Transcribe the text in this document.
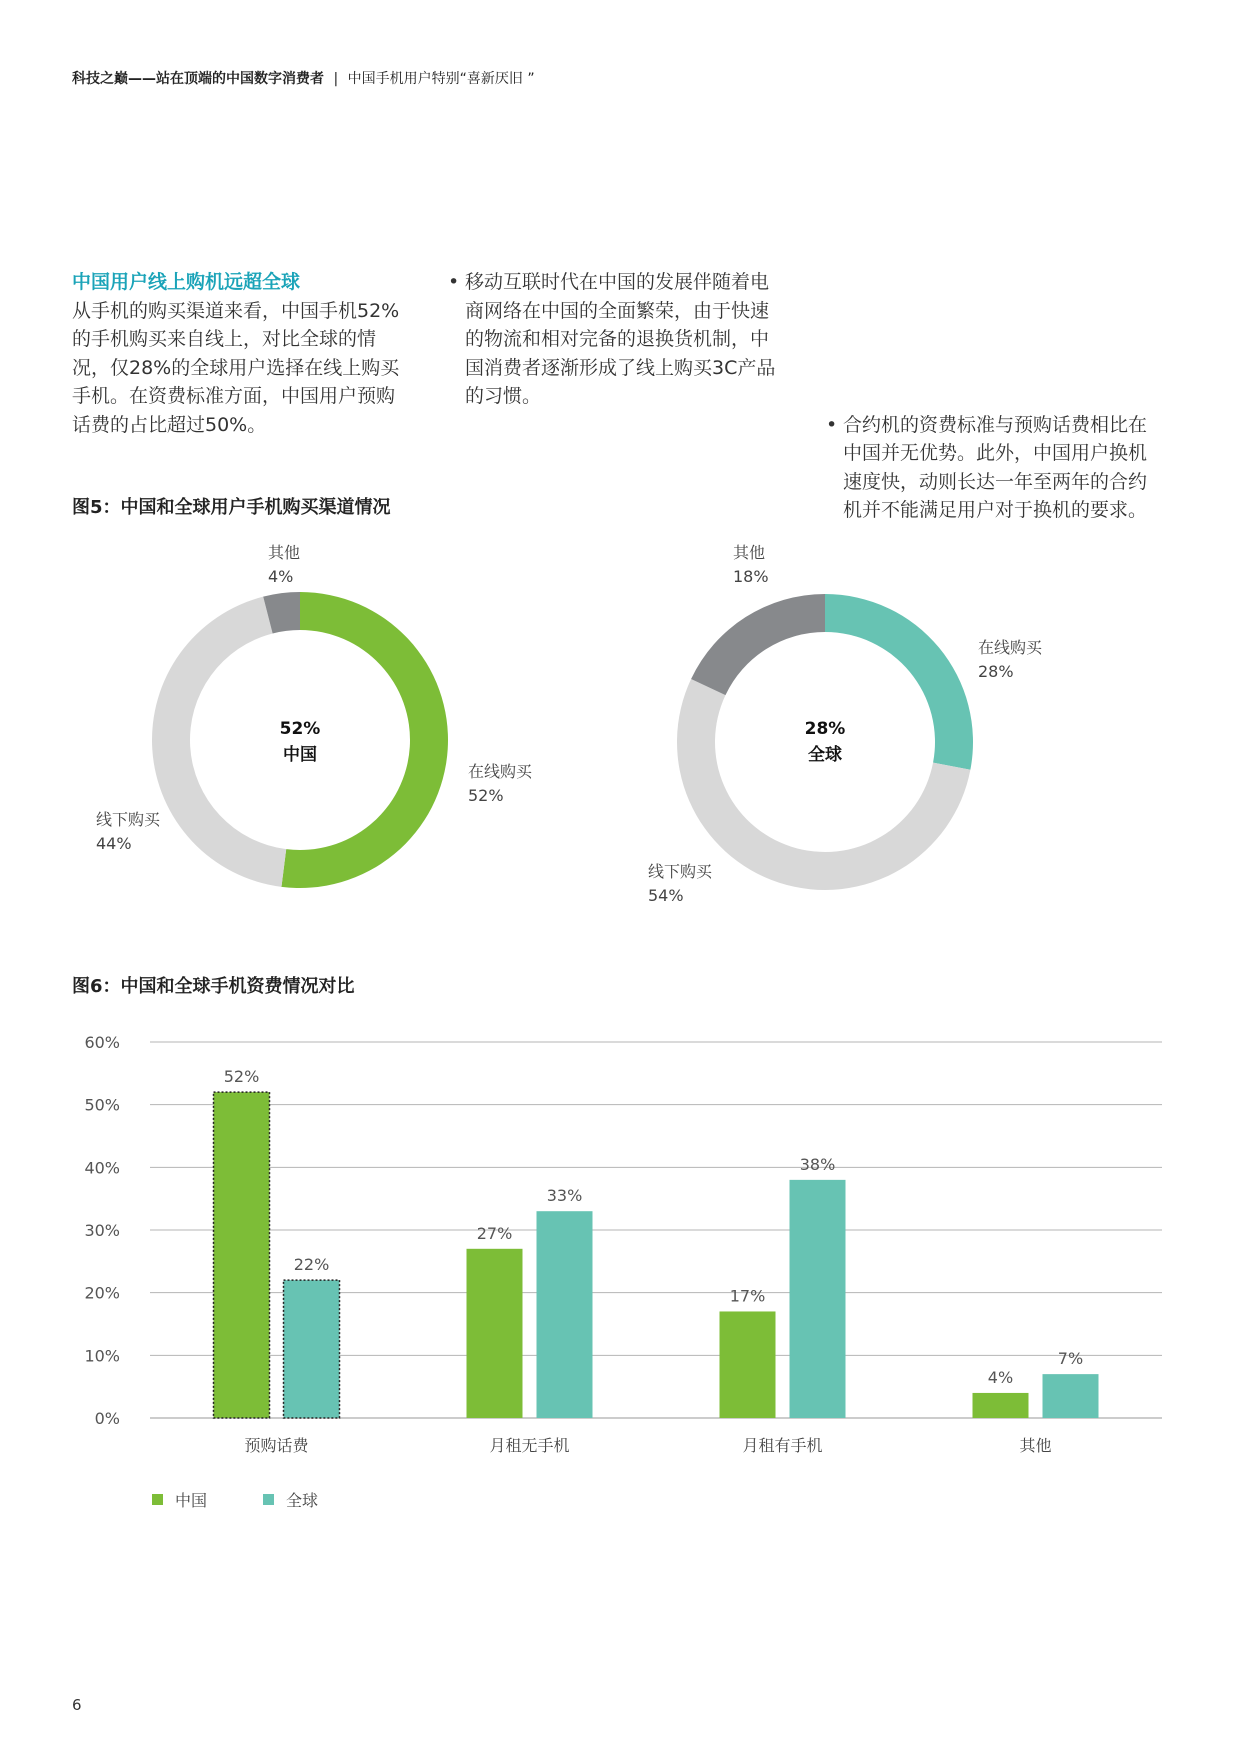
科技之巅——站在顶端的中国数字消费者 | 中国手机用户特别“喜新厌旧 ”

中国用户线上购机远超全球

从手机的购买渠道来看，中国手机52%

的手机购买来自线上，对比全球的情

况，仅28%的全球用户选择在线上购买

手机。在资费标准方面，中国用户预购

话费的占比超过50%。

• 移动互联时代在中国的发展伴随着电

商网络在中国的全面繁荣，由于快速

的物流和相对完备的退换货机制，中

国消费者逐渐形成了线上购买3C产品

的习惯。

• 合约机的资费标准与预购话费相比在

中国并无优势。此外，中国用户换机

速度快，动则长达一年至两年的合约

机并不能满足用户对于换机的要求。

图5：中国和全球用户手机购买渠道情况
52%
中国
其他
4%
在线购买
52%
线下购买
44%
28%
全球
其他
18%
在线购买
28%
线下购买
54%
图6：中国和全球手机资费情况对比
0%
10%
20%
30%
40%
50%
60%
52%
22%
预购话费
27%
33%
月租无手机
17%
38%
月租有手机
4%
7%
其他
中国	全球
6
